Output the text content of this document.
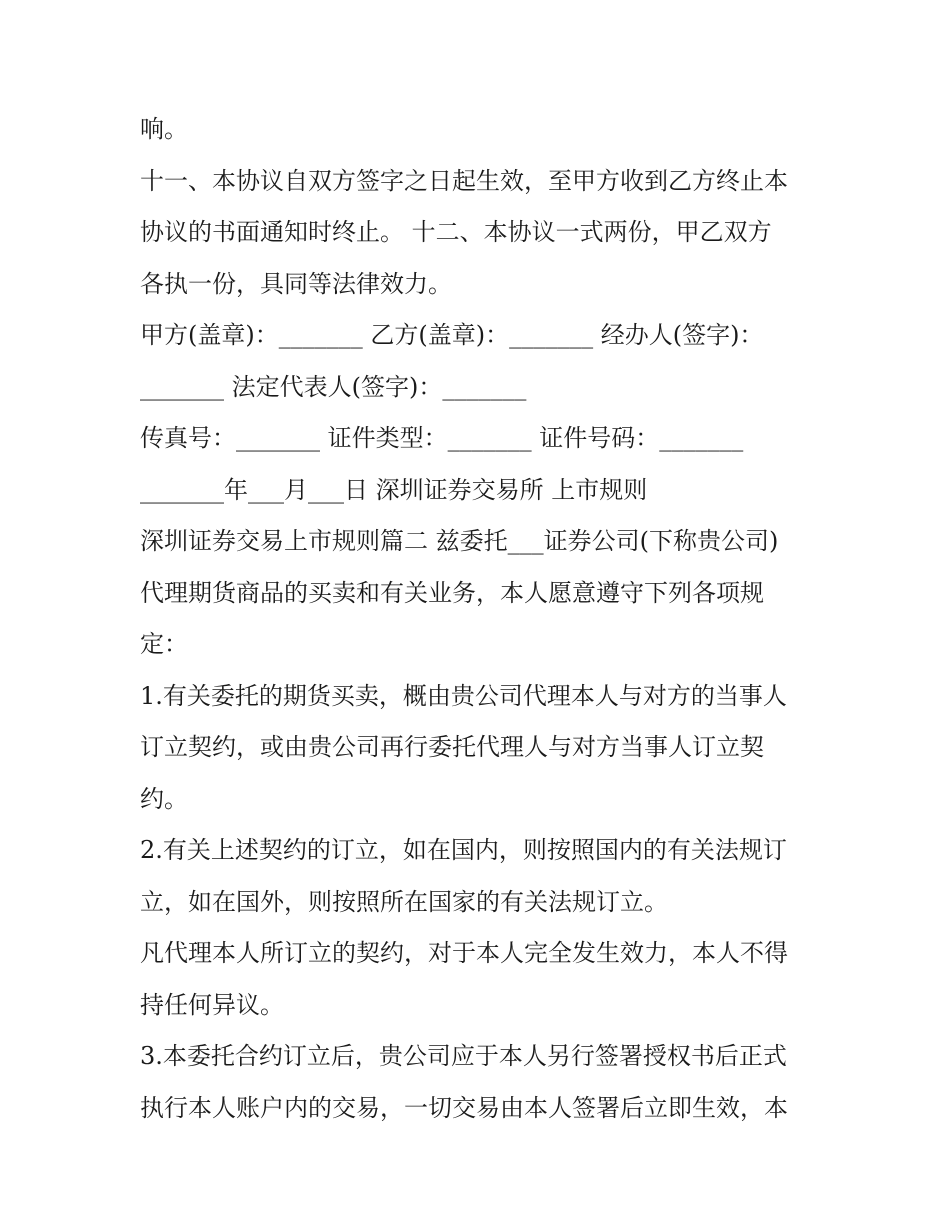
响。
十一、本协议自双方签字之日起生效，至甲方收到乙方终止本
协议的书面通知时终止。 十二、本协议一式两份，甲乙双方
各执一份，具同等法律效力。
甲方(盖章)：_______ 乙方(盖章)：_______ 经办人(签字)：
_______ 法定代表人(签字)：_______
传真号：_______ 证件类型：_______ 证件号码：_______
_______年___月___日 深圳证券交易所 上市规则
深圳证券交易上市规则篇二 兹委托___证券公司(下称贵公司)
代理期货商品的买卖和有关业务，本人愿意遵守下列各项规
定：
1.有关委托的期货买卖，概由贵公司代理本人与对方的当事人
订立契约，或由贵公司再行委托代理人与对方当事人订立契
约。
2.有关上述契约的订立，如在国内，则按照国内的有关法规订
立，如在国外，则按照所在国家的有关法规订立。
凡代理本人所订立的契约，对于本人完全发生效力，本人不得
持任何异议。
3.本委托合约订立后，贵公司应于本人另行签署授权书后正式
执行本人账户内的交易，一切交易由本人签署后立即生效，本
